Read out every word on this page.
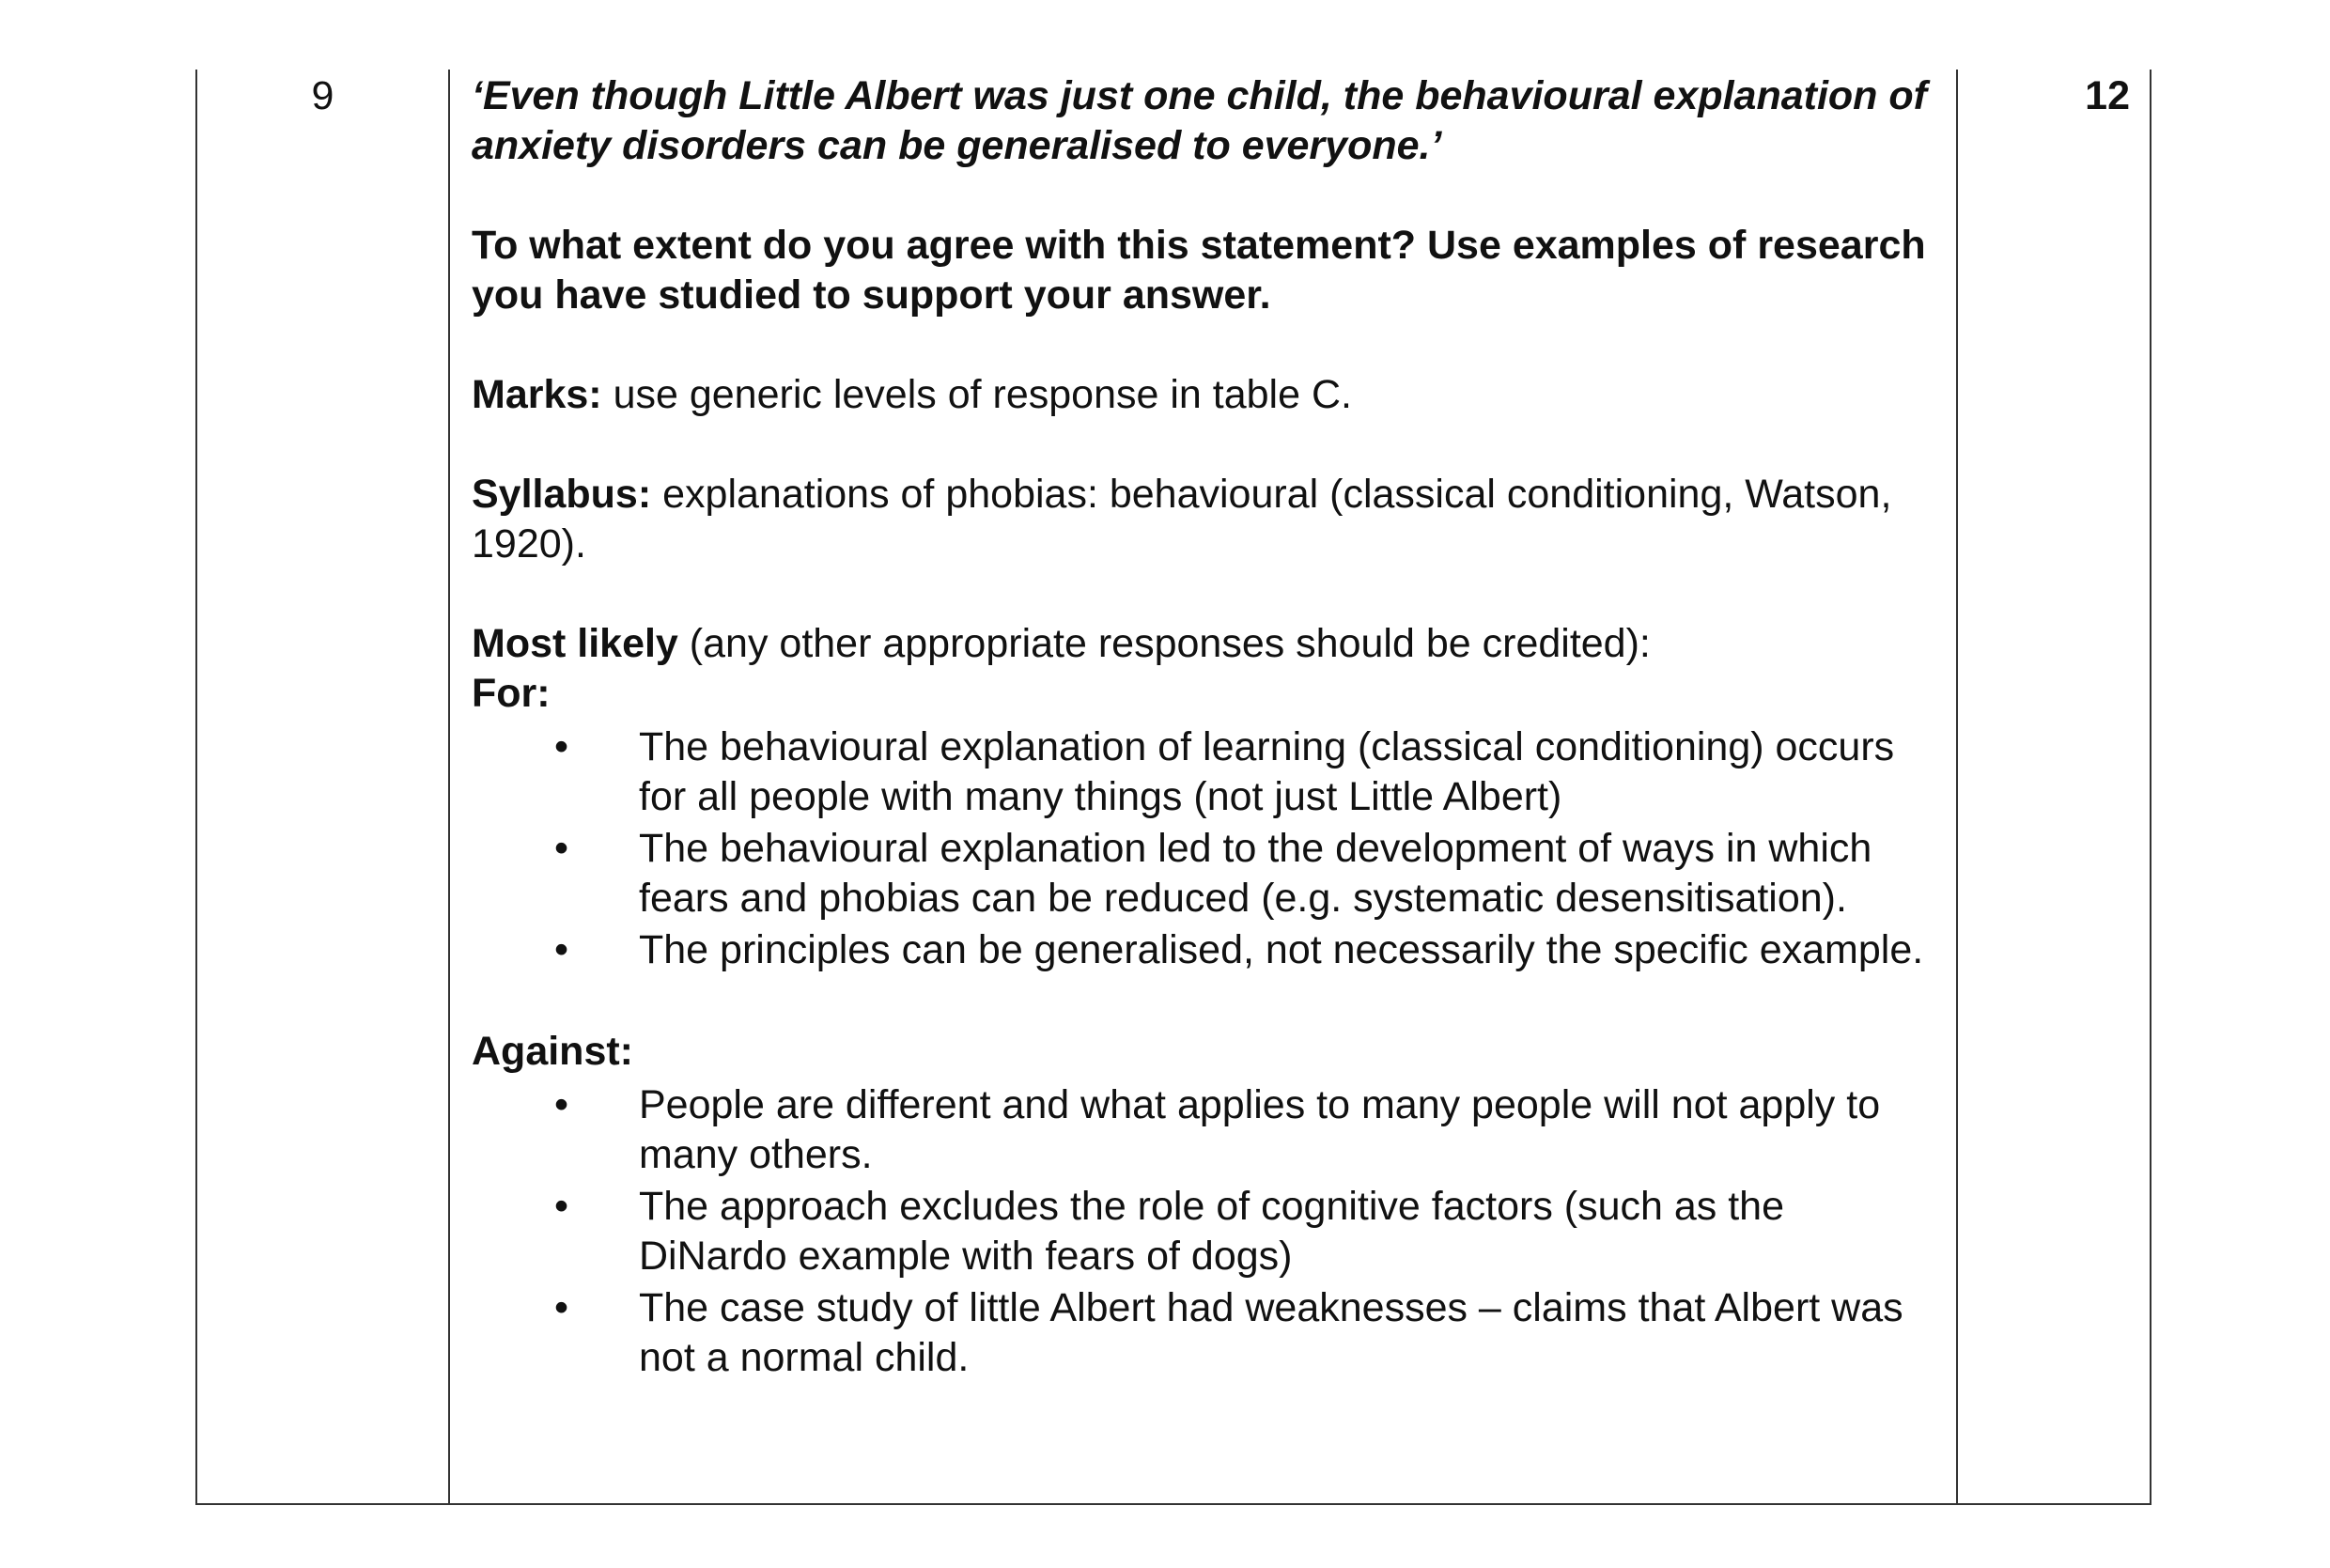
9	‘Even though Little Albert was just one child, the behavioural explanation of anxiety disorders can be generalised to everyone.’

To what extent do you agree with this statement? Use examples of research you have studied to support your answer.

Marks: use generic levels of response in table C.

Syllabus: explanations of phobias: behavioural (classical conditioning, Watson, 1920).

Most likely (any other appropriate responses should be credited):

For:

• The behavioural explanation of learning (classical conditioning) occurs for all people with many things (not just Little Albert)
• The behavioural explanation led to the development of ways in which fears and phobias can be reduced (e.g. systematic desensitisation).
• The principles can be generalised, not necessarily the specific example.

Against:

• People are different and what applies to many people will not apply to many others.
• The approach excludes the role of cognitive factors (such as the DiNardo example with fears of dogs)
• The case study of little Albert had weaknesses – claims that Albert was not a normal child.
12
